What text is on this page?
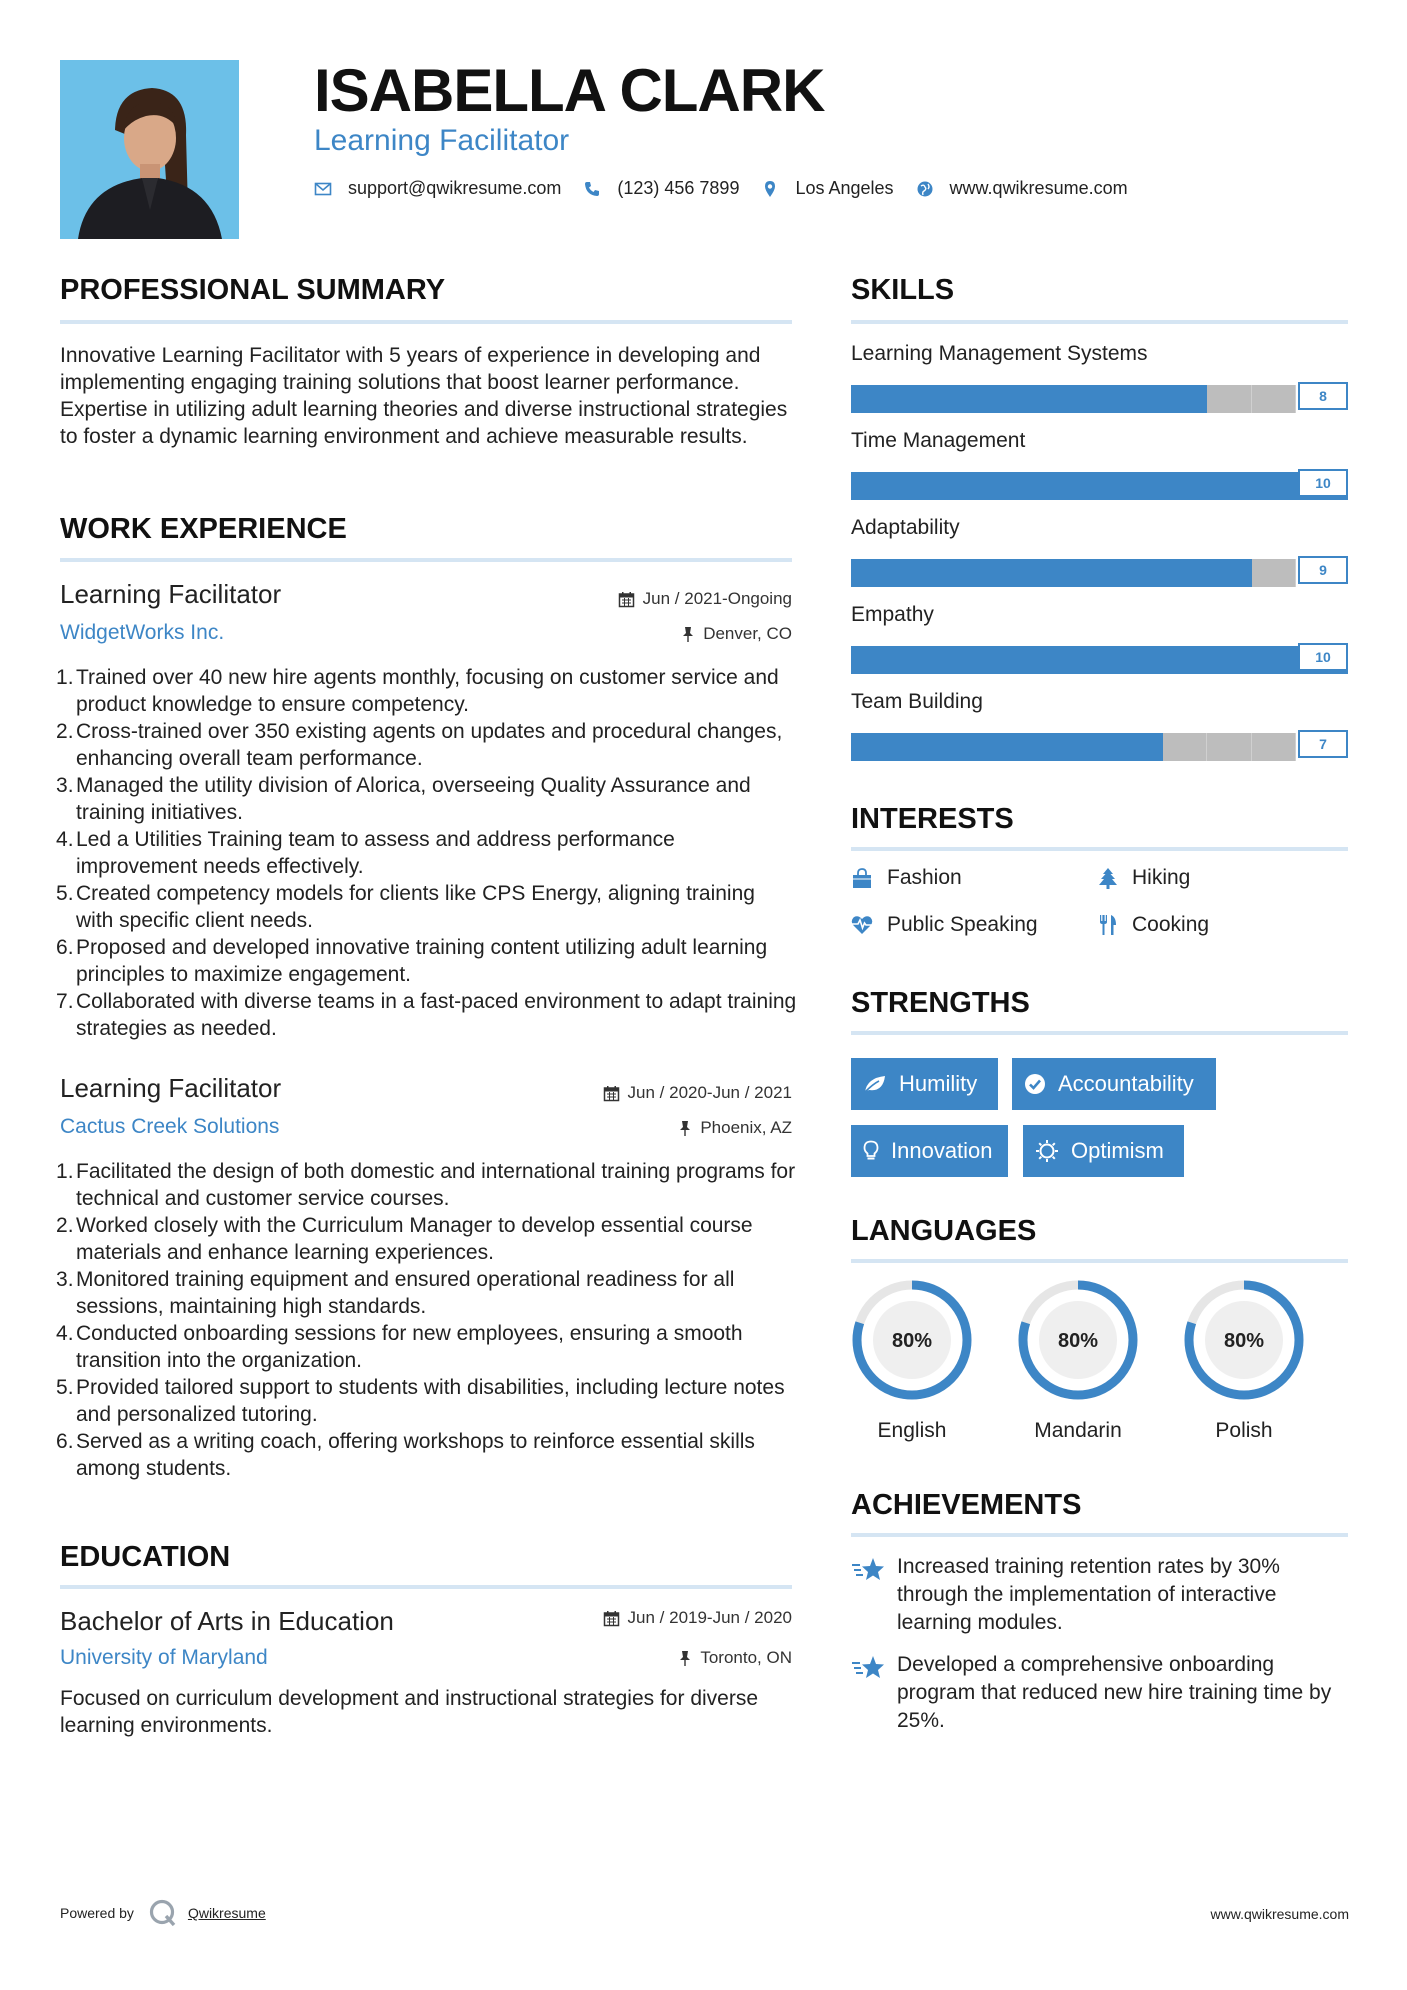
ISABELLA CLARK
Learning Facilitator
support@qwikresume.com	(123) 456 7899	Los Angeles	www.qwikresume.com
PROFESSIONAL SUMMARY
Innovative Learning Facilitator with 5 years of experience in developing and implementing engaging training solutions that boost learner performance. Expertise in utilizing adult learning theories and diverse instructional strategies to foster a dynamic learning environment and achieve measurable results.
WORK EXPERIENCE
Learning Facilitator	Jun / 2021-Ongoing
WidgetWorks Inc.	Denver, CO
Trained over 40 new hire agents monthly, focusing on customer service and product knowledge to ensure competency.
Cross-trained over 350 existing agents on updates and procedural changes, enhancing overall team performance.
Managed the utility division of Alorica, overseeing Quality Assurance and training initiatives.
Led a Utilities Training team to assess and address performance improvement needs effectively.
Created competency models for clients like CPS Energy, aligning training with specific client needs.
Proposed and developed innovative training content utilizing adult learning principles to maximize engagement.
Collaborated with diverse teams in a fast-paced environment to adapt training strategies as needed.
Learning Facilitator	Jun / 2020-Jun / 2021
Cactus Creek Solutions	Phoenix, AZ
Facilitated the design of both domestic and international training programs for technical and customer service courses.
Worked closely with the Curriculum Manager to develop essential course materials and enhance learning experiences.
Monitored training equipment and ensured operational readiness for all sessions, maintaining high standards.
Conducted onboarding sessions for new employees, ensuring a smooth transition into the organization.
Provided tailored support to students with disabilities, including lecture notes and personalized tutoring.
Served as a writing coach, offering workshops to reinforce essential skills among students.
EDUCATION
Bachelor of Arts in Education	Jun / 2019-Jun / 2020
University of Maryland	Toronto, ON
Focused on curriculum development and instructional strategies for diverse learning environments.
SKILLS
Learning Management Systems
8
Time Management
10
Adaptability
9
Empathy
10
Team Building
7
INTERESTS
Fashion	Hiking
Public Speaking	Cooking
STRENGTHS
Humility	Accountability
Innovation	Optimism
LANGUAGES
80%
English
80%
Mandarin
80%
Polish
ACHIEVEMENTS
Increased training retention rates by 30% through the implementation of interactive learning modules.
Developed a comprehensive onboarding program that reduced new hire training time by 25%.
Powered by	Qwikresume	www.qwikresume.com
